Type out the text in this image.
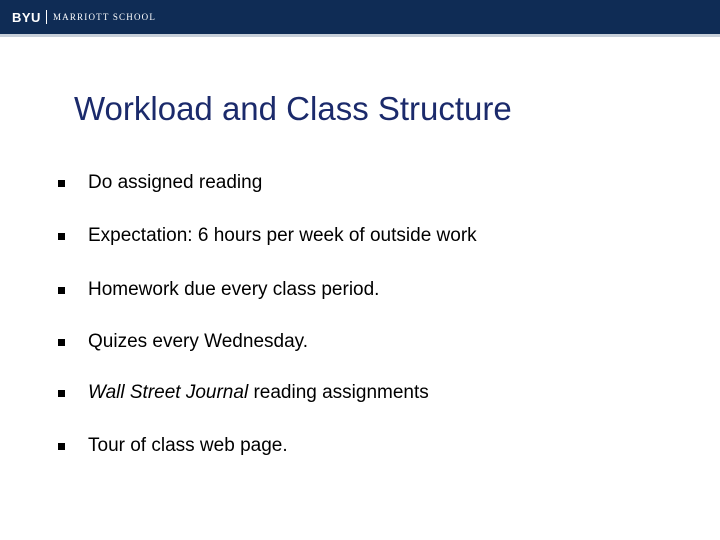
BYU MARRIOTT SCHOOL
Workload and Class Structure
Do assigned reading
Expectation: 6 hours per week of outside work
Homework due every class period.
Quizes every Wednesday.
Wall Street Journal reading assignments
Tour of class web page.
